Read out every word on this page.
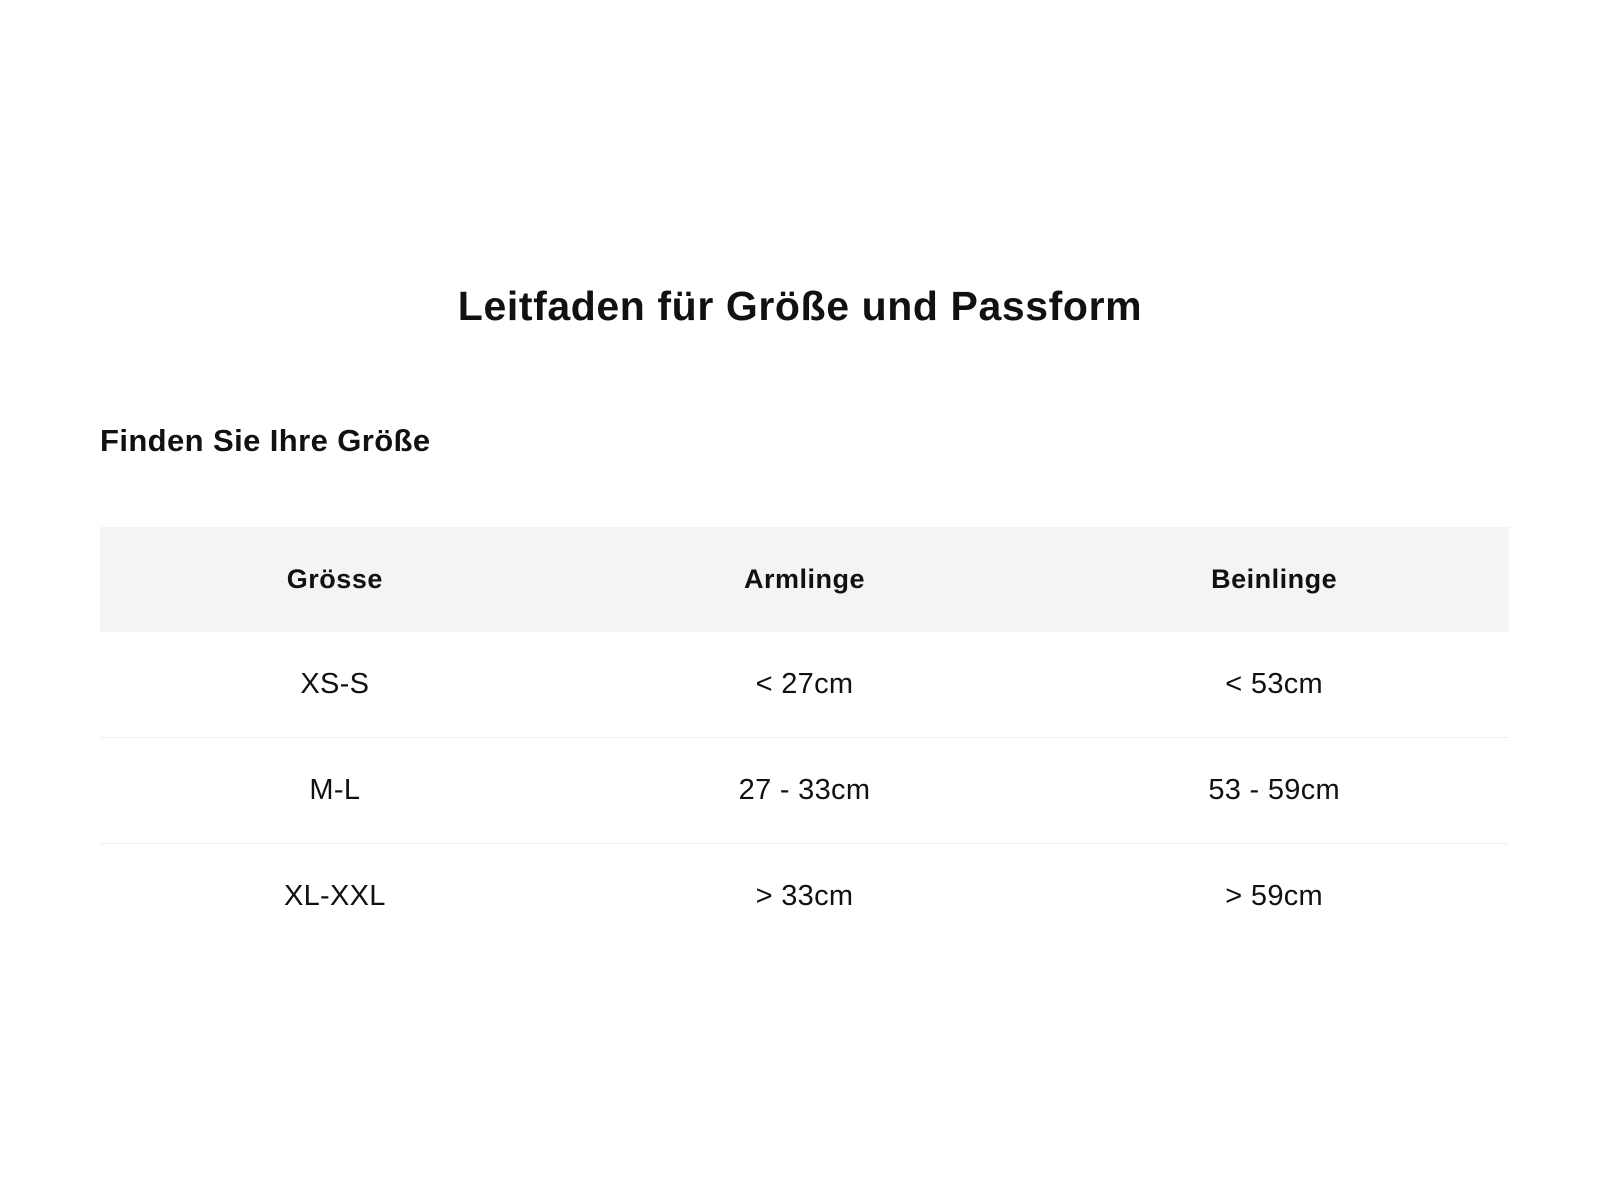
Leitfaden für Größe und Passform
Finden Sie Ihre Größe
Grösse	Armlinge	Beinlinge
XS-S	< 27cm	< 53cm
M-L	27 - 33cm	53 - 59cm
XL-XXL	> 33cm	> 59cm
